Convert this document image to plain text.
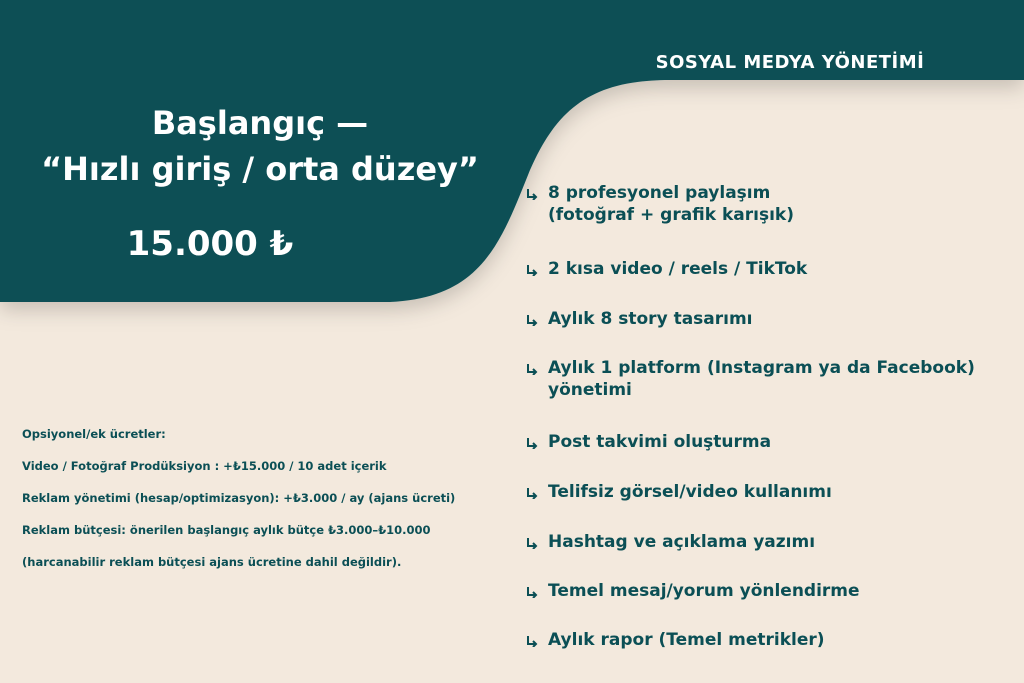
SOSYAL MEDYA YÖNETİMİ
Başlangıç —
“Hızlı giriş / orta düzey”
15.000 ₺
Opsiyonel/ek ücretler:
Video / Fotoğraf Prodüksiyon : +₺15.000 / 10 adet içerik
Reklam yönetimi (hesap/optimizasyon): +₺3.000 / ay (ajans ücreti)
Reklam bütçesi: önerilen başlangıç aylık bütçe ₺3.000–₺10.000
(harcanabilir reklam bütçesi ajans ücretine dahil değildir).
8 profesyonel paylaşım
(fotoğraf + grafik karışık)
2 kısa video / reels / TikTok
Aylık 8 story tasarımı
Aylık 1 platform (Instagram ya da Facebook)
yönetimi
Post takvimi oluşturma
Telifsiz görsel/video kullanımı
Hashtag ve açıklama yazımı
Temel mesaj/yorum yönlendirme
Aylık rapor (Temel metrikler)
